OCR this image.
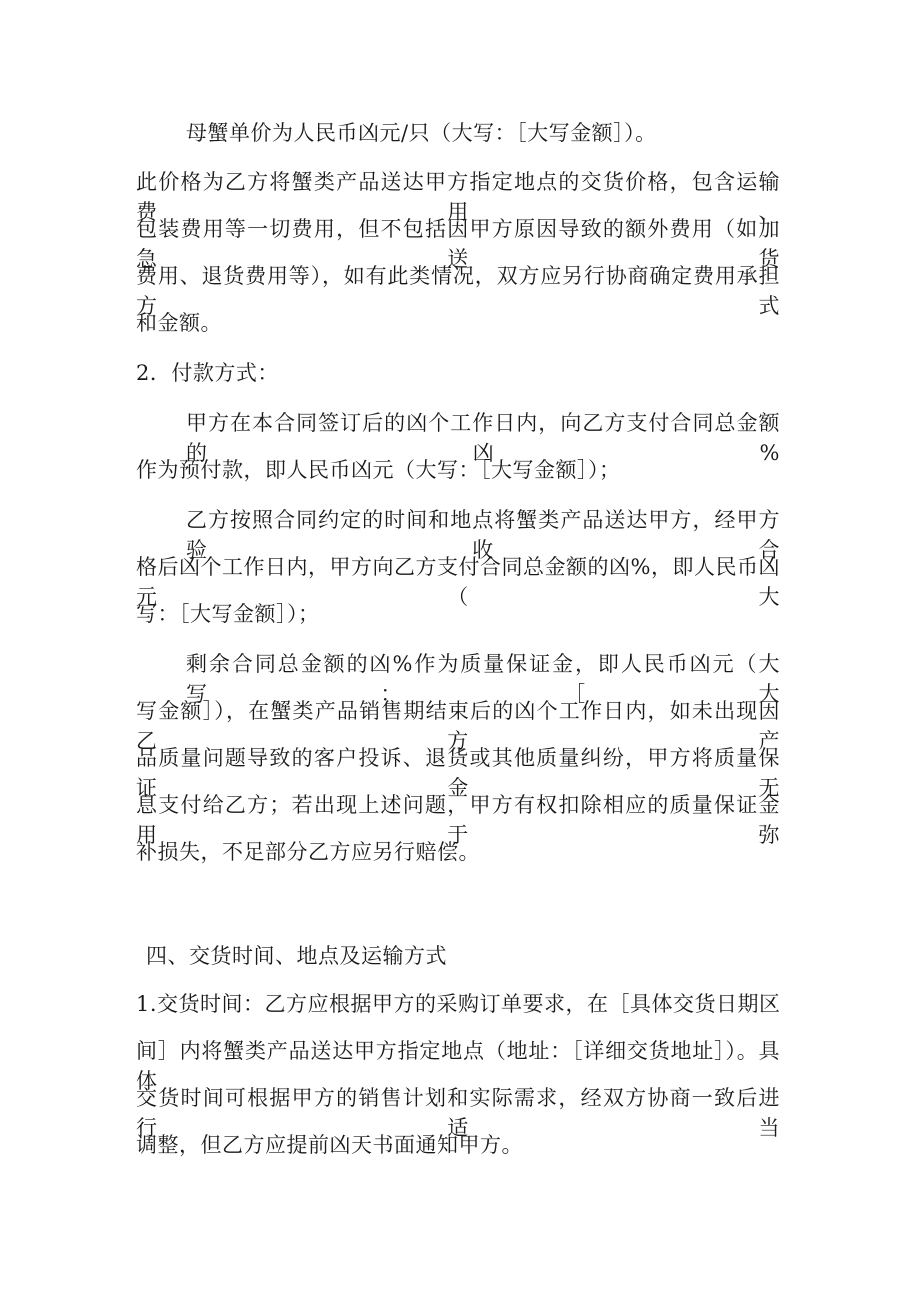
母蟹单价为人民币凶元/只（大写：［大写金额］）。
此价格为乙方将蟹类产品送达甲方指定地点的交货价格，包含运输费用、
包装费用等一切费用，但不包括因甲方原因导致的额外费用（如加急送货
费用、退货费用等），如有此类情况，双方应另行协商确定费用承担方式
和金额。
2．付款方式：
甲方在本合同签订后的凶个工作日内，向乙方支付合同总金额的凶%
作为预付款，即人民币凶元（大写：［大写金额］）；
乙方按照合同约定的时间和地点将蟹类产品送达甲方，经甲方验收合
格后凶个工作日内，甲方向乙方支付合同总金额的凶%，即人民币凶元（大
写：［大写金额］）；
剩余合同总金额的凶%作为质量保证金，即人民币凶元（大写：［大
写金额］），在蟹类产品销售期结束后的凶个工作日内，如未出现因乙方产
品质量问题导致的客户投诉、退货或其他质量纠纷，甲方将质量保证金无
息支付给乙方；若出现上述问题，甲方有权扣除相应的质量保证金用于弥
补损失，不足部分乙方应另行赔偿。
四、交货时间、地点及运输方式
1.交货时间：乙方应根据甲方的采购订单要求，在［具体交货日期区
间］内将蟹类产品送达甲方指定地点（地址：［详细交货地址］）。具体
交货时间可根据甲方的销售计划和实际需求，经双方协商一致后进行适当
调整，但乙方应提前凶天书面通知甲方。
